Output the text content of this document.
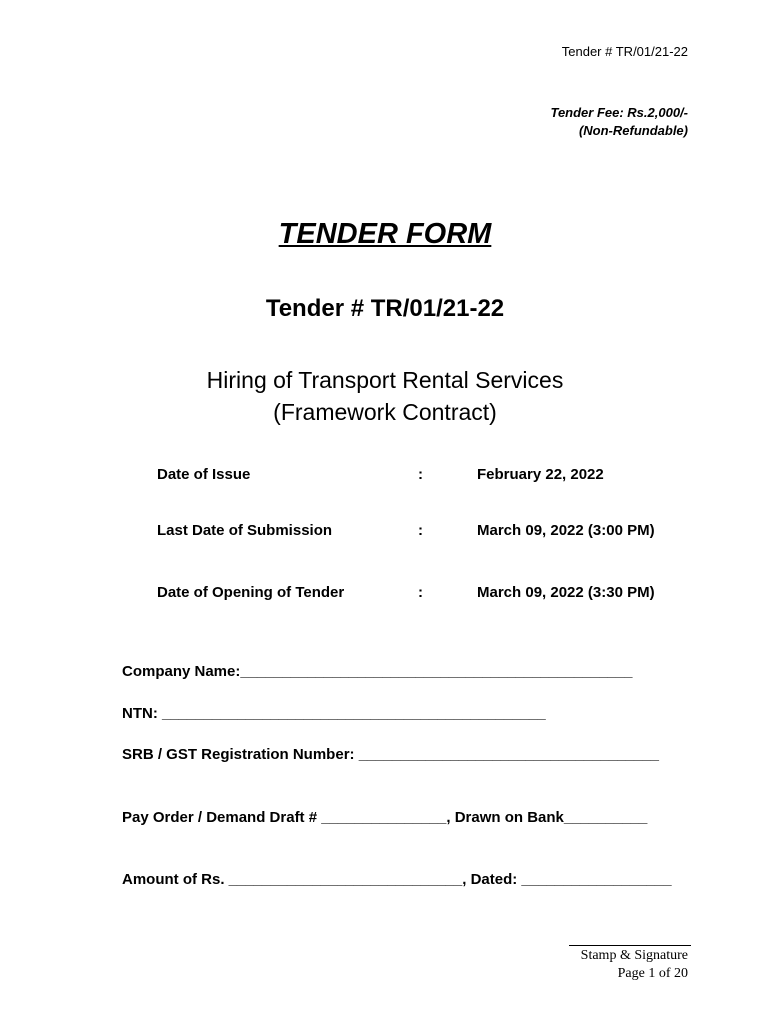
Tender # TR/01/21-22
Tender Fee: Rs.2,000/-
(Non-Refundable)
TENDER FORM
Tender # TR/01/21-22
Hiring of Transport Rental Services
(Framework Contract)
Date of Issue	:	February 22, 2022
Last Date of Submission	:	March 09, 2022 (3:00 PM)
Date of Opening of Tender	:	March 09, 2022 (3:30 PM)
Company Name:_______________________________________________
NTN: ______________________________________________
SRB / GST Registration Number: ____________________________________
Pay Order / Demand Draft # _______________, Drawn on Bank__________
Amount of Rs. ____________________________, Dated: __________________
Stamp & Signature
Page 1 of 20
